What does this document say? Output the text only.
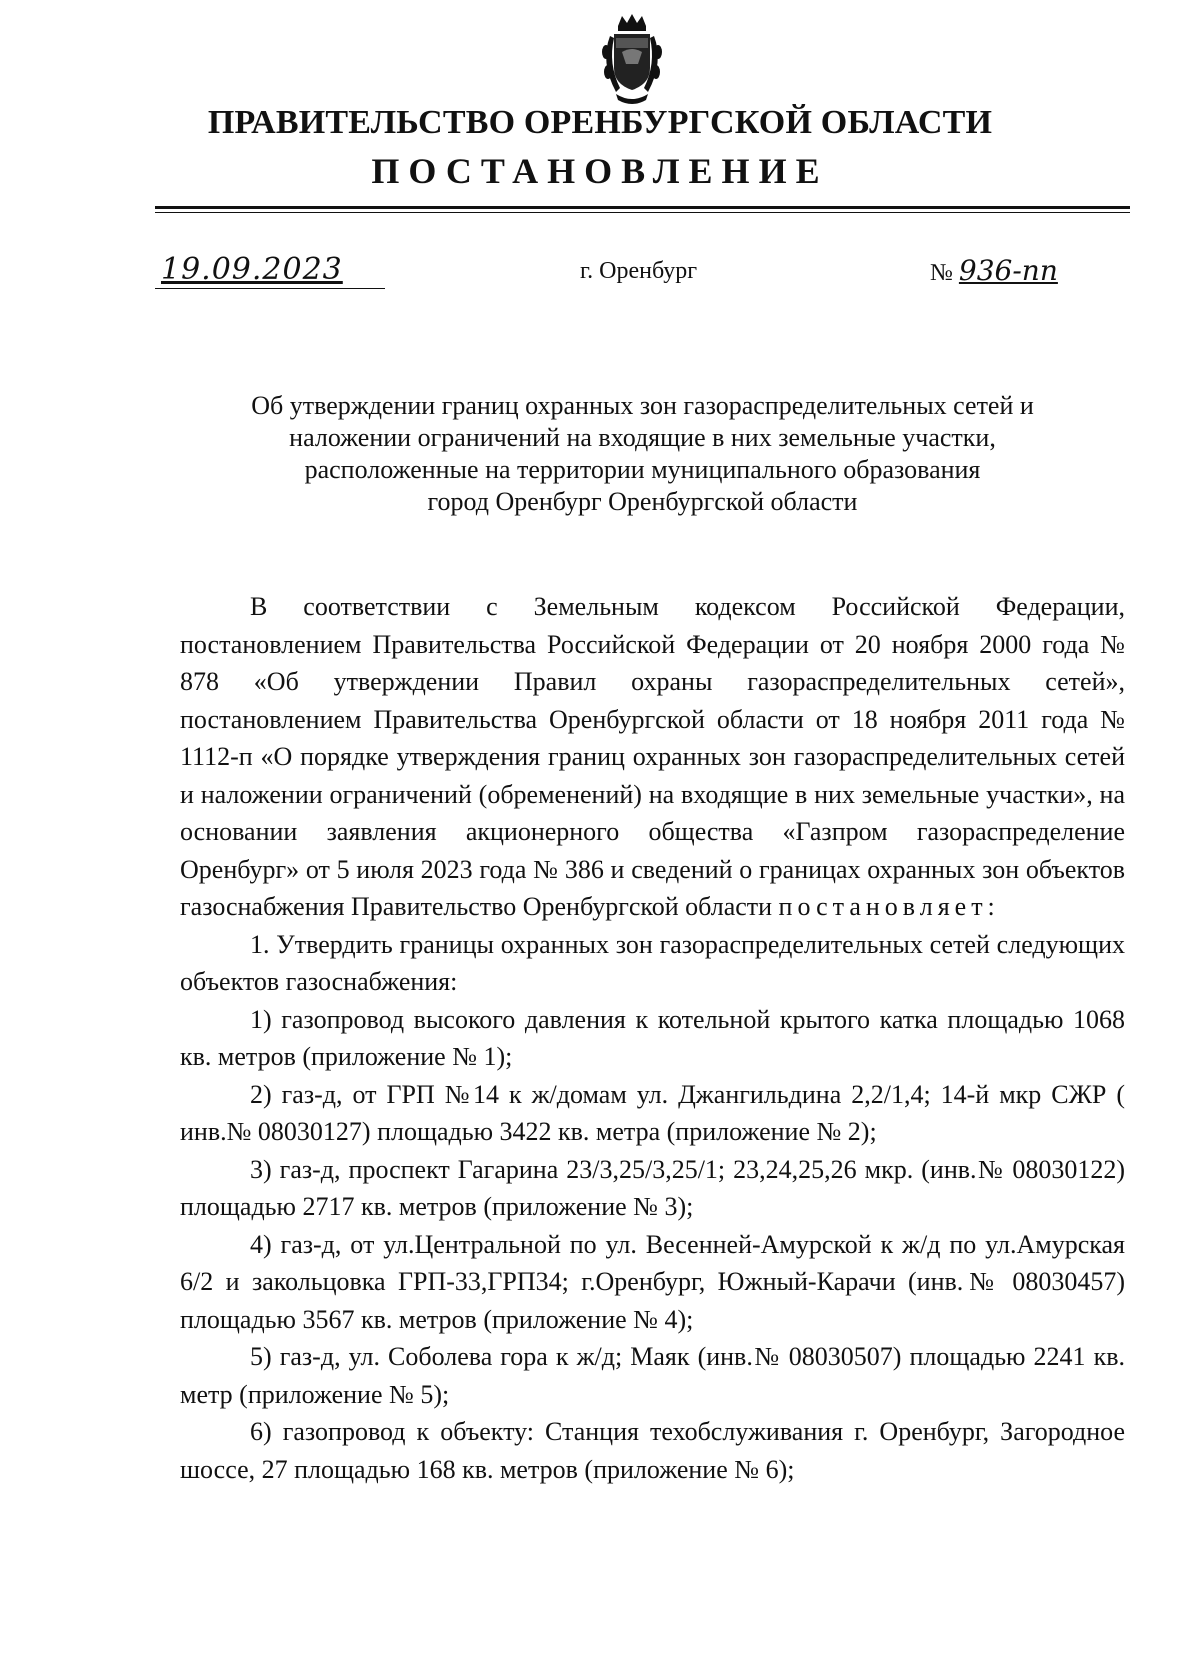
ПРАВИТЕЛЬСТВО ОРЕНБУРГСКОЙ ОБЛАСТИ
ПОСТАНОВЛЕНИЕ
19.09.2023	г. Оренбург	№ 936-пп
Об утверждении границ охранных зон газораспределительных сетей и
наложении ограничений на входящие в них земельные участки,
расположенные на территории муниципального образования
город Оренбург Оренбургской области

В соответствии с Земельным кодексом Российской Федерации, постановлением Правительства Российской Федерации от 20 ноября 2000 года № 878 «Об утверждении Правил охраны газораспределительных сетей», постановлением Правительства Оренбургской области от 18 ноября 2011 года № 1112-п «О порядке утверждения границ охранных зон газораспределительных сетей и наложении ограничений (обременений) на входящие в них земельные участки», на основании заявления акционерного общества «Газпром газораспределение Оренбург» от 5 июля 2023 года № 386 и сведений о границах охранных зон объектов газоснабжения Правительство Оренбургской области постановляет:

1. Утвердить границы охранных зон газораспределительных сетей следующих объектов газоснабжения:

1) газопровод высокого давления к котельной крытого катка площадью 1068 кв. метров (приложение № 1);

2) газ-д, от ГРП №14 к ж/домам ул. Джангильдина 2,2/1,4; 14-й мкр СЖР ( инв.№ 08030127) площадью 3422 кв. метра (приложение № 2);

3) газ-д, проспект Гагарина 23/3,25/3,25/1; 23,24,25,26 мкр. (инв.№ 08030122) площадью 2717 кв. метров (приложение № 3);

4) газ-д, от ул.Центральной по ул. Весенней-Амурской к ж/д по ул.Амурская 6/2 и закольцовка ГРП-33,ГРП34; г.Оренбург, Южный-Карачи (инв.№ 08030457) площадью 3567 кв. метров (приложение № 4);

5) газ-д, ул. Соболева гора к ж/д; Маяк (инв.№ 08030507) площадью 2241 кв. метр (приложение № 5);

6) газопровод к объекту: Станция техобслуживания г. Оренбург, Загородное шоссе, 27 площадью 168 кв. метров (приложение № 6);
